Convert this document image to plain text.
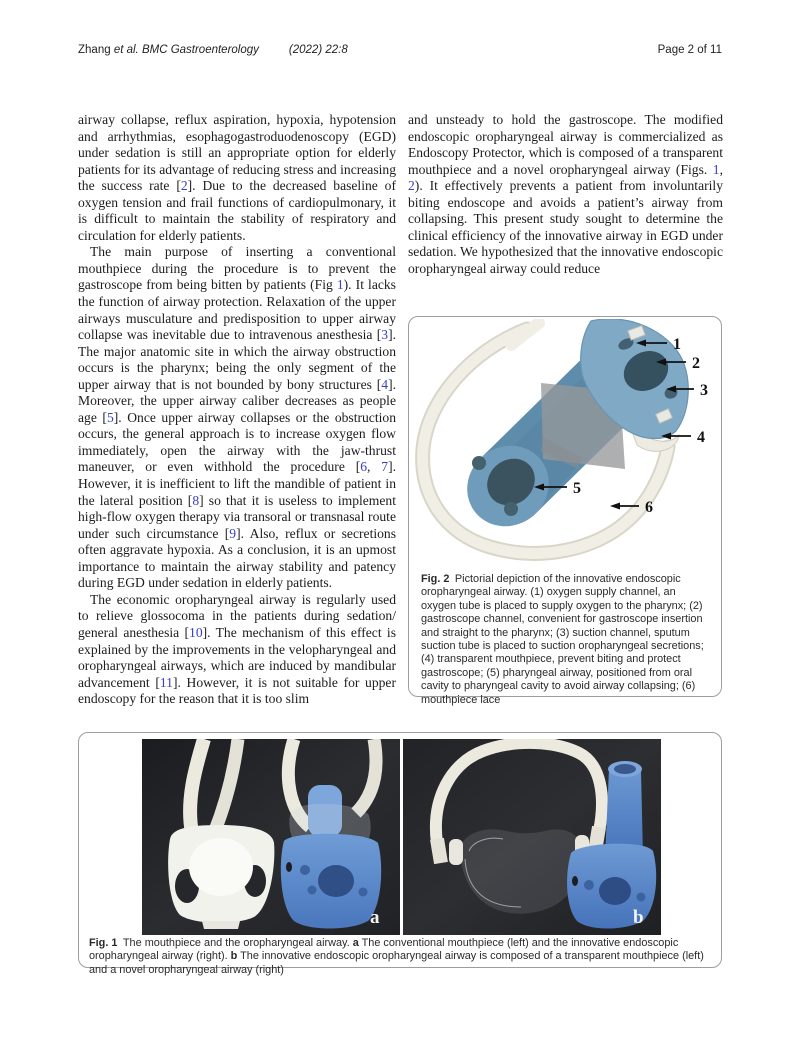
Zhang et al. BMC Gastroenterology	(2022) 22:8	Page 2 of 11

airway collapse, reflux aspiration, hypoxia, hypotension and arrhythmias, esophagogastroduodenoscopy (EGD) under sedation is still an appropriate option for elderly patients for its advantage of reducing stress and increasing the success rate [2]. Due to the decreased baseline of oxygen tension and frail functions of cardiopulmonary, it is difficult to maintain the stability of respiratory and circulation for elderly patients.

The main purpose of inserting a conventional mouthpiece during the procedure is to prevent the gastroscope from being bitten by patients (Fig 1). It lacks the function of airway protection. Relaxation of the upper airways musculature and predisposition to upper airway collapse was inevitable due to intravenous anesthesia [3]. The major anatomic site in which the airway obstruction occurs is the pharynx; being the only segment of the upper airway that is not bounded by bony structures [4]. Moreover, the upper airway caliber decreases as people age [5]. Once upper airway collapses or the obstruction occurs, the general approach is to increase oxygen flow immediately, open the airway with the jaw-thrust maneuver, or even withhold the procedure [6, 7]. However, it is inefficient to lift the mandible of patient in the lateral position [8] so that it is useless to implement high-flow oxygen therapy via transoral or transnasal route under such circumstance [9]. Also, reflux or secretions often aggravate hypoxia. As a conclusion, it is an upmost importance to maintain the airway stability and patency during EGD under sedation in elderly patients.

The economic oropharyngeal airway is regularly used to relieve glossocoma in the patients during sedation/ general anesthesia [10]. The mechanism of this effect is explained by the improvements in the velopharyngeal and oropharyngeal airways, which are induced by mandibular advancement [11]. However, it is not suitable for upper endoscopy for the reason that it is too slim

and unsteady to hold the gastroscope. The modified endoscopic oropharyngeal airway is commercialized as Endoscopy Protector, which is composed of a transparent mouthpiece and a novel oropharyngeal airway (Figs. 1, 2). It effectively prevents a patient from involuntarily biting endoscope and avoids a patient’s airway from collapsing. This present study sought to determine the clinical efficiency of the innovative airway in EGD under sedation. We hypothesized that the innovative endoscopic oropharyngeal airway could reduce

1
2
3
4
5
6
Fig. 2 Pictorial depiction of the innovative endoscopic oropharyngeal airway. (1) oxygen supply channel, an oxygen tube is placed to supply oxygen to the pharynx; (2) gastroscope channel, convenient for gastroscope insertion and straight to the pharynx; (3) suction channel, sputum suction tube is placed to suction oropharyngeal secretions; (4) transparent mouthpiece, prevent biting and protect gastroscope; (5) pharyngeal airway, positioned from oral cavity to pharyngeal cavity to avoid airway collapsing; (6) mouthpiece lace
a	b
Fig. 1 The mouthpiece and the oropharyngeal airway. a The conventional mouthpiece (left) and the innovative endoscopic oropharyngeal airway (right). b The innovative endoscopic oropharyngeal airway is composed of a transparent mouthpiece (left) and a novel oropharyngeal airway (right)
